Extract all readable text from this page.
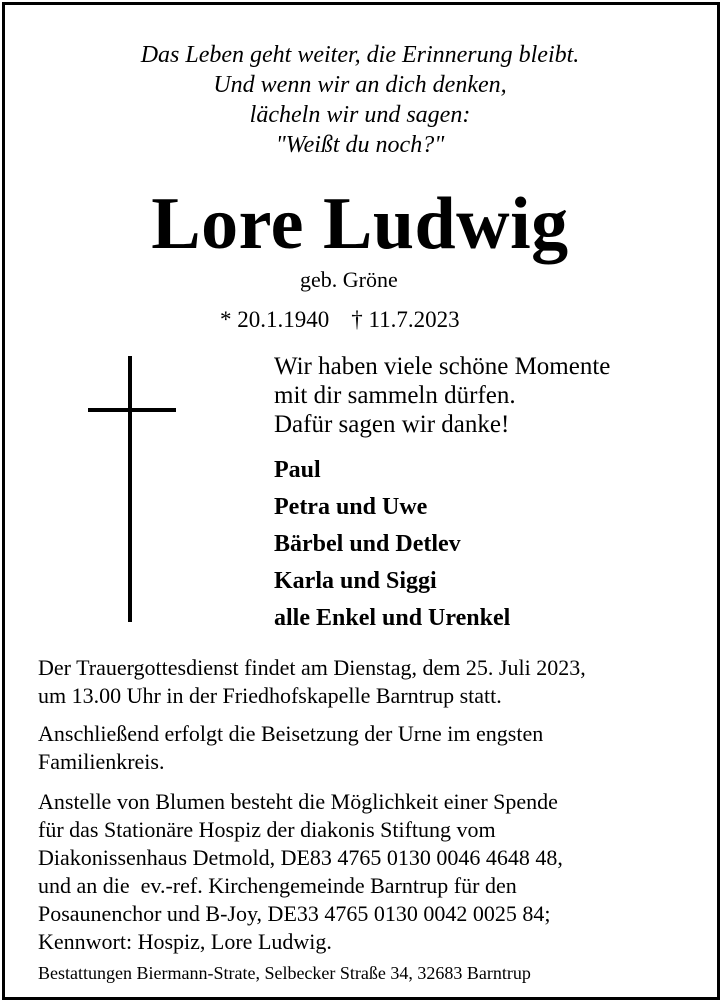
Das Leben geht weiter, die Erinnerung bleibt.
Und wenn wir an dich denken,
lächeln wir und sagen:
"Weißt du noch?"
Lore Ludwig
geb. Gröne
* 20.1.1940 † 11.7.2023
Wir haben viele schöne Momente
mit dir sammeln dürfen.
Dafür sagen wir danke!
Paul
Petra und Uwe
Bärbel und Detlev
Karla und Siggi
alle Enkel und Urenkel
Der Trauergottesdienst findet am Dienstag, dem 25. Juli 2023,
um 13.00 Uhr in der Friedhofskapelle Barntrup statt.
Anschließend erfolgt die Beisetzung der Urne im engsten
Familienkreis.
Anstelle von Blumen besteht die Möglichkeit einer Spende
für das Stationäre Hospiz der diakonis Stiftung vom
Diakonissenhaus Detmold, DE83 4765 0130 0046 4648 48,
und an die  ev.-ref. Kirchengemeinde Barntrup für den
Posaunenchor und B-Joy, DE33 4765 0130 0042 0025 84;
Kennwort: Hospiz, Lore Ludwig.
Bestattungen Biermann-Strate, Selbecker Straße 34, 32683 Barntrup
